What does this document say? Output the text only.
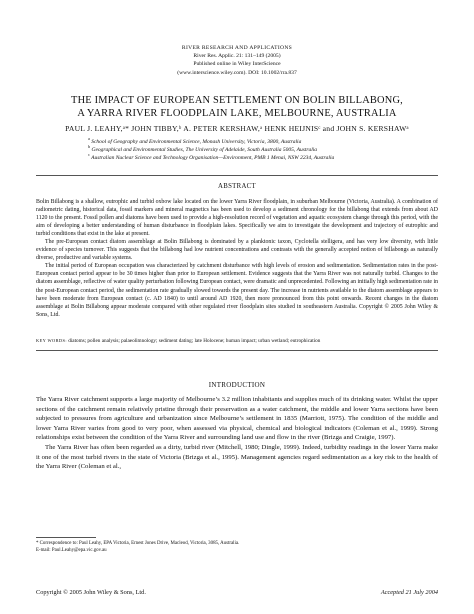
RIVER RESEARCH AND APPLICATIONS
River Res. Applic. 21: 131–149 (2005)
Published online in Wiley InterScience
(www.interscience.wiley.com). DOI: 10.1002/rra.837
THE IMPACT OF EUROPEAN SETTLEMENT ON BOLIN BILLABONG,
A YARRA RIVER FLOODPLAIN LAKE, MELBOURNE, AUSTRALIA
PAUL J. LEAHY,ᵃ* JOHN TIBBY,ᵇ A. PETER KERSHAW,ᵃ HENK HEIJNISᶜ and JOHN S. KERSHAWᵃ
$^a$ School of Geography and Environmental Science, Monash University, Victoria, 3800, Australia
$^b$ Geographical and Environmental Studies, The University of Adelaide, South Australia 5005, Australia
$^c$ Australian Nuclear Science and Technology Organisation—Environment, PMB 1 Menai, NSW 2234, Australia
ABSTRACT

Bolin Billabong is a shallow, eutrophic and turbid oxbow lake located on the lower Yarra River floodplain, in suburban Melbourne (Victoria, Australia). A combination of radiometric dating, historical data, fossil markers and mineral magnetics has been used to develop a sediment chronology for the billabong that extends from about AD 1120 to the present. Fossil pollen and diatoms have been used to provide a high-resolution record of vegetation and aquatic ecosystem change through this period, with the aim of developing a better understanding of human disturbance in floodplain lakes. Specifically we aim to investigate the development and trajectory of eutrophic and turbid conditions that exist in the lake at present.

The pre-European contact diatom assemblage at Bolin Billabong is dominated by a planktonic taxon, Cyclotella stelligera, and has very low diversity, with little evidence of species turnover. This suggests that the billabong had low nutrient concentrations and contrasts with the generally accepted notion of billabongs as naturally diverse, productive and variable systems.

The initial period of European occupation was characterized by catchment disturbance with high levels of erosion and sedimentation. Sedimentation rates in the post-European contact period appear to be 30 times higher than prior to European settlement. Evidence suggests that the Yarra River was not naturally turbid. Changes to the diatom assemblage, reflective of water quality perturbation following European contact, were dramatic and unprecedented. Following an initially high sedimentation rate in the post-European contact period, the sedimentation rate gradually slowed towards the present day. The increase in nutrients available to the diatom assemblage appears to have been moderate from European contact (c. AD 1840) to until around AD 1920, then more pronounced from this point onwards. Recent changes in the diatom assemblage at Bolin Billabong appear moderate compared with other regulated river floodplain sites studied in southeastern Australia. Copyright © 2005 John Wiley & Sons, Ltd.

KEY WORDS: diatoms; pollen analysis; palaeolimnology; sediment dating; late Holocene; human impact; urban wetland; eutrophication
INTRODUCTION

The Yarra River catchment supports a large majority of Melbourne’s 3.2 million inhabitants and supplies much of its drinking water. Whilst the upper sections of the catchment remain relatively pristine through their preservation as a water catchment, the middle and lower Yarra sections have been subjected to pressures from agriculture and urbanization since Melbourne’s settlement in 1835 (Marriott, 1975). The condition of the middle and lower Yarra River varies from good to very poor, when assessed via physical, chemical and biological indicators (Coleman et al., 1999). Strong relationships exist between the condition of the Yarra River and surrounding land use and flow in the river (Brizga and Craigie, 1997).

The Yarra River has often been regarded as a dirty, turbid river (Mitchell, 1980; Dingle, 1999). Indeed, turbidity readings in the lower Yarra make it one of the most turbid rivers in the state of Victoria (Brizga et al., 1995). Management agencies regard sedimentation as a key risk to the health of the Yarra River (Coleman et al.,

* Correspondence to: Paul Leahy, EPA Victoria, Ernest Jones Drive, Macleod, Victoria, 3085, Australia.
E-mail: Paul.Leahy@epa.vic.gov.au
Copyright © 2005 John Wiley & Sons, Ltd.	Accepted 21 July 2004
